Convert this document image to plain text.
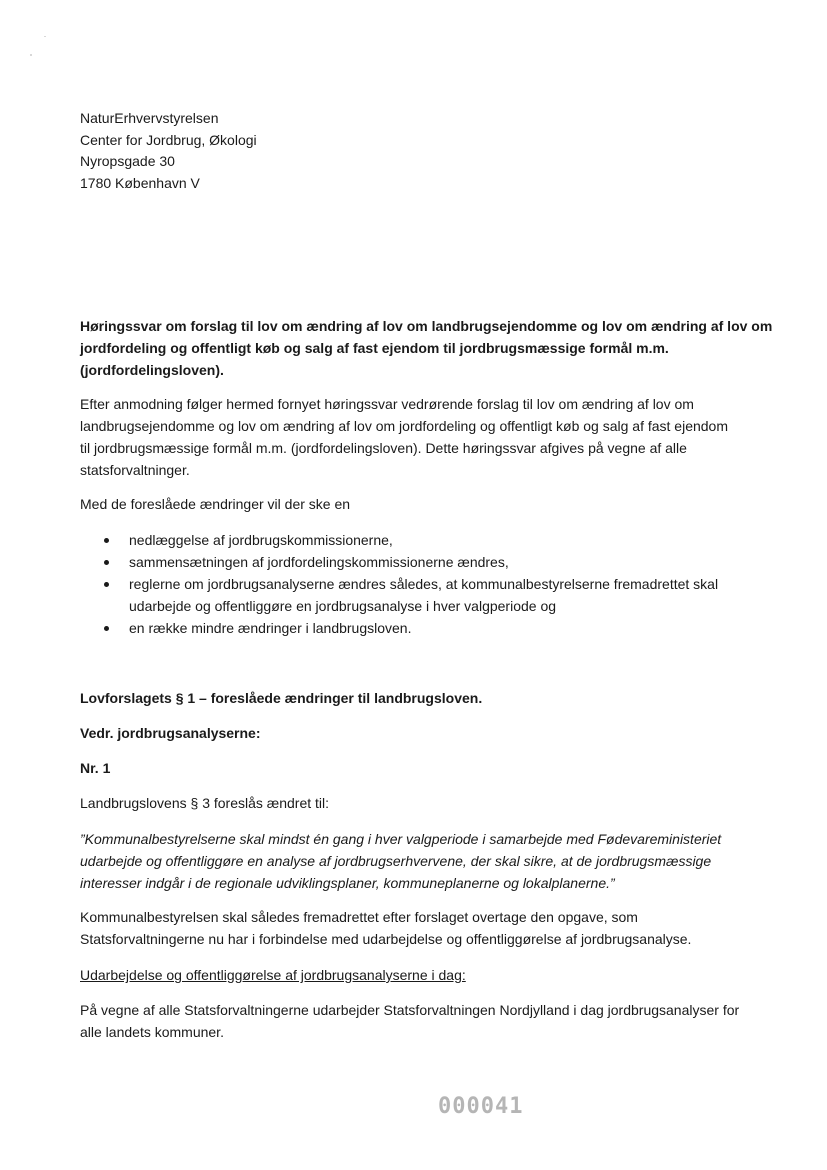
NaturErhvervstyrelsen
Center for Jordbrug, Økologi
Nyropsgade 30
1780 København V
Høringssvar om forslag til lov om ændring af lov om landbrugsejendomme og lov om ændring af lov om
jordfordeling og offentligt køb og salg af fast ejendom til jordbrugsmæssige formål m.m.
(jordfordelingsloven).
Efter anmodning følger hermed fornyet høringssvar vedrørende forslag til lov om ændring af lov om
landbrugsejendomme og lov om ændring af lov om jordfordeling og offentligt køb og salg af fast ejendom
til jordbrugsmæssige formål m.m. (jordfordelingsloven). Dette høringssvar afgives på vegne af alle
statsforvaltninger.
Med de foreslåede ændringer vil der ske en
nedlæggelse af jordbrugskommissionerne,
sammensætningen af jordfordelingskommissionerne ændres,
reglerne om jordbrugsanalyserne ændres således, at kommunalbestyrelserne fremadrettet skal
udarbejde og offentliggøre en jordbrugsanalyse i hver valgperiode og
en række mindre ændringer i landbrugsloven.
Lovforslagets § 1 – foreslåede ændringer til landbrugsloven.
Vedr. jordbrugsanalyserne:
Nr. 1
Landbrugslovens § 3 foreslås ændret til:
”Kommunalbestyrelserne skal mindst én gang i hver valgperiode i samarbejde med Fødevareministeriet
udarbejde og offentliggøre en analyse af jordbrugserhvervene, der skal sikre, at de jordbrugsmæssige
interesser indgår i de regionale udviklingsplaner, kommuneplanerne og lokalplanerne.”
Kommunalbestyrelsen skal således fremadrettet efter forslaget overtage den opgave, som
Statsforvaltningerne nu har i forbindelse med udarbejdelse og offentliggørelse af jordbrugsanalyse.
Udarbejdelse og offentliggørelse af jordbrugsanalyserne i dag:
På vegne af alle Statsforvaltningerne udarbejder Statsforvaltningen Nordjylland i dag jordbrugsanalyser for
alle landets kommuner.
000041
